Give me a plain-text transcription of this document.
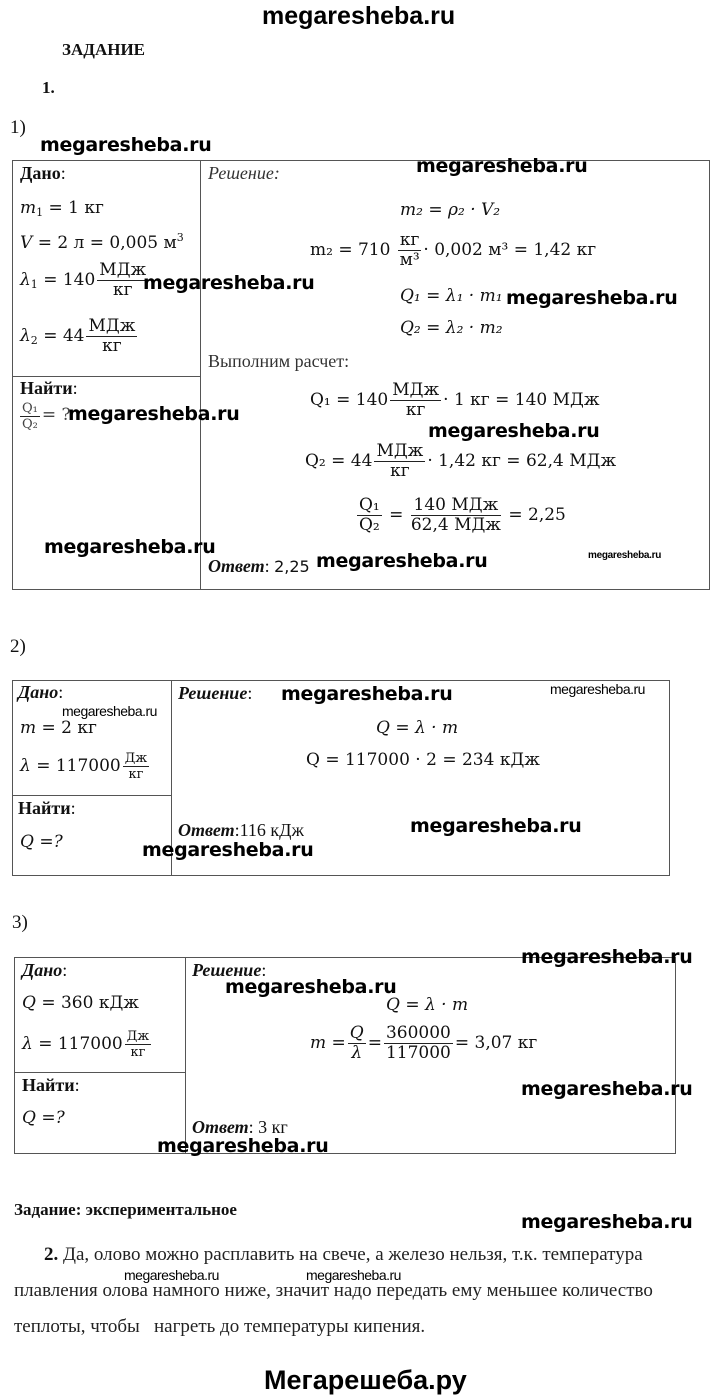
megaresheba.ru
ЗАДАНИЕ
1.
1)
megaresheba.ru
Дано:
$m_1 = 1$ кг
V = 2 л = 0,005 $м^3$
$\lambda_1 = 140 \frac{\text{МДж}}{кг}$
$\lambda_2 = 44 \frac{\text{МДж}}{кг}$
megaresheba.ru
Найти:
$\frac{\text{Q₁}}{\text{Q₂}}$ = ?
megaresheba.ru
megaresheba.ru
Решение:	megaresheba.ru
m₂ = ρ₂ · V₂
$m_2 = 710 \frac{кг}{\text{м³}} \cdot 0,002$ м³ = 1,42 кг
Q₁ = λ₁ · m₁ megaresheba.ru
Q₂ = λ₂ · m₂
Выполним расчет:
$Q_1 = 140 \frac{\text{МДж}}{кг} \cdot 1$ кг = 140 МДж
megaresheba.ru
$Q_2 = 44 \frac{\text{МДж}}{кг} \cdot 1,42$ кг = 62,4 МДж
$\frac{\text{Q₁}}{\text{Q₂}} = \frac{\text{140 МДж}}{\text{62,4 МДж}} = 2,25$
Ответ: 2,25 megaresheba.ru	megaresheba.ru
2)
Дано:
megaresheba.ru
m = 2 кг
$\lambda = 117000 \frac{Дж}{кг}$
Найти:
Q =?	megaresheba.ru
Решение: megaresheba.ru	megaresheba.ru
Q = λ · m
Q = 117000 · 2 = 234 кДж
Ответ:116 кДж	megaresheba.ru
3)
megaresheba.ru
Дано:
Q = 360 кДж
$\lambda = 117000 \frac{Дж}{кг}$
Найти:
Q =?
Решение:
megaresheba.ru
Q = λ · m
$m = \frac{Q}{\lambda} = \frac{360000}{117000} = 3,07$ кг
megaresheba.ru
Ответ: 3 кг
megaresheba.ru
Задание: экспериментальное
megaresheba.ru
2. Да, олово можно расплавить на свече, а железо нельзя, т.к. температура
megaresheba.ru	megaresheba.ru
плавления олова намного ниже, значит надо передать ему меньшее количество
теплоты, чтобы   нагреть до температуры кипения.
Мегарешеба.ру
